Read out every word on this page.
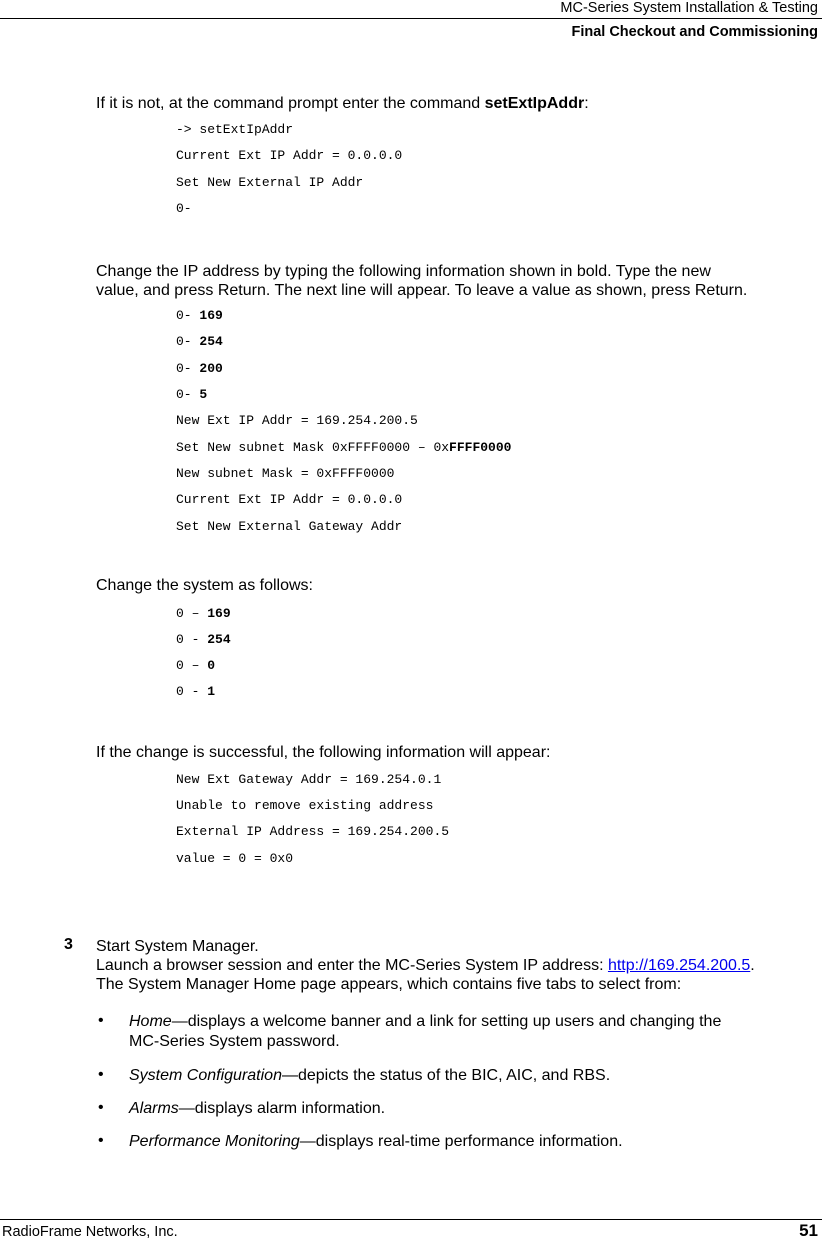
MC-Series System Installation & Testing
Final Checkout and Commissioning
If it is not, at the command prompt enter the command setExtIpAddr:
-> setExtIpAddr
Current Ext IP Addr = 0.0.0.0
Set New External IP Addr
0-
Change the IP address by typing the following information shown in bold. Type the new
value, and press Return. The next line will appear. To leave a value as shown, press Return.
0- 169
0- 254
0- 200
0- 5
New Ext IP Addr = 169.254.200.5
Set New subnet Mask 0xFFFF0000 – 0xFFFF0000
New subnet Mask = 0xFFFF0000
Current Ext IP Addr = 0.0.0.0
Set New External Gateway Addr
Change the system as follows:
0 – 169
0 - 254
0 – 0
0 - 1
If the change is successful, the following information will appear:
New Ext Gateway Addr = 169.254.0.1
Unable to remove existing address
External IP Address = 169.254.200.5
value = 0 = 0x0
3 Start System Manager.
Launch a browser session and enter the MC-Series System IP address: http://169.254.200.5.
The System Manager Home page appears, which contains five tabs to select from:
• Home—displays a welcome banner and a link for setting up users and changing the
MC-Series System password.
• System Configuration—depicts the status of the BIC, AIC, and RBS.
• Alarms—displays alarm information.
• Performance Monitoring—displays real-time performance information.
RadioFrame Networks, Inc.	51
